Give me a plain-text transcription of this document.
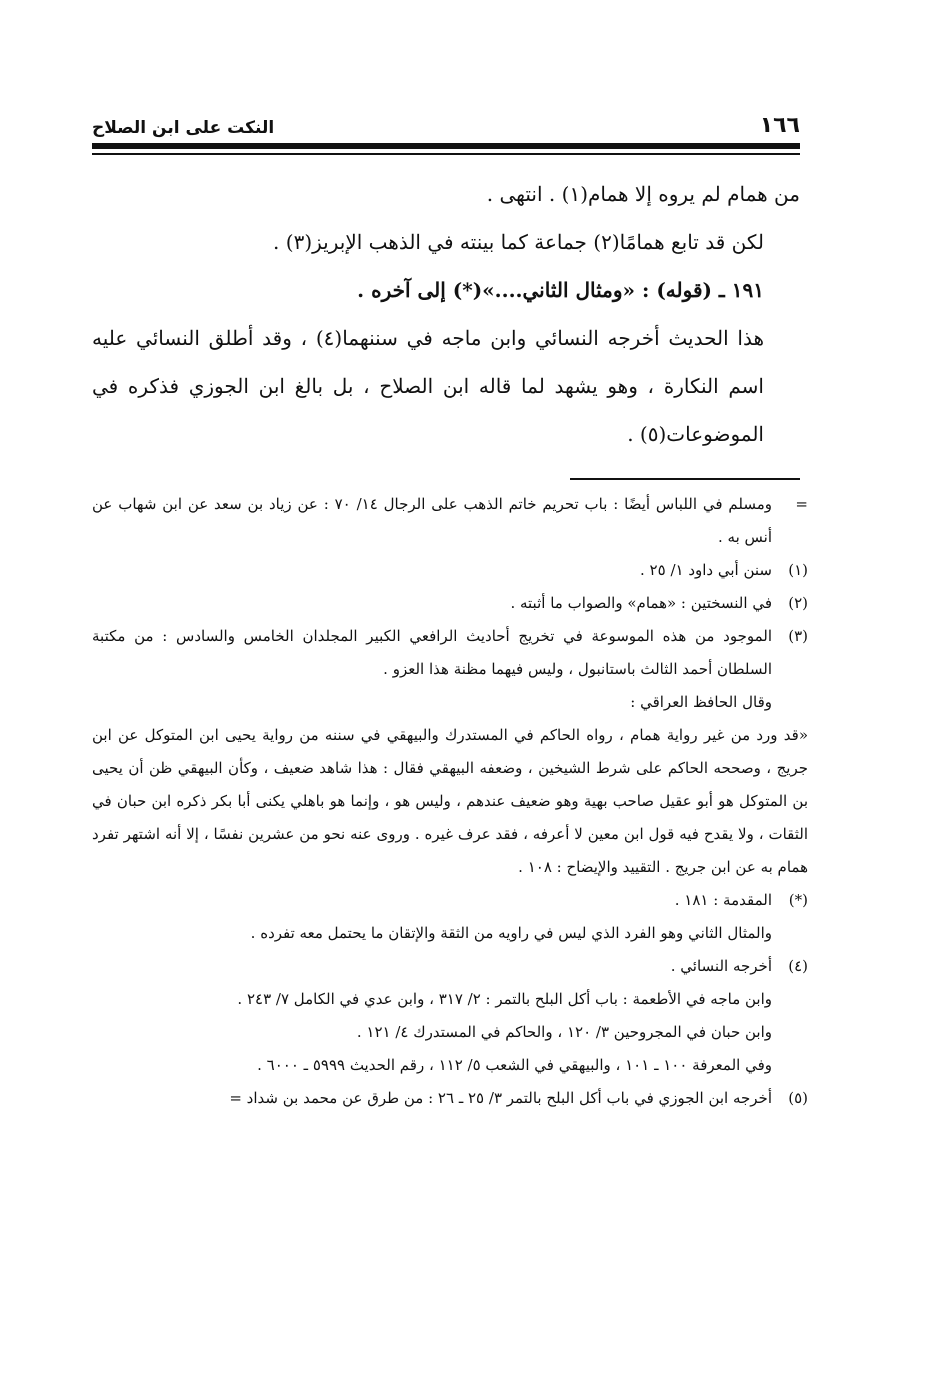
النكت على ابن الصلاح	١٦٦

من همام لم يروه إلا همام(١) . انتهى .

لكن قد تابع همامًا(٢) جماعة كما بينته في الذهب الإبريز(٣) .

١٩١ ـ (قوله) : «ومثال الثاني....»(*) إلى آخره .

هذا الحديث أخرجه النسائي وابن ماجه في سننهما(٤) ، وقد أطلق النسائي عليه اسم النكارة ، وهو يشهد لما قاله ابن الصلاح ، بل بالغ ابن الجوزي فذكره في الموضوعات(٥) .

=
ومسلم في اللباس أيضًا : باب تحريم خاتم الذهب على الرجال ١٤/ ٧٠ : عن زياد بن سعد عن ابن شهاب عن أنس به .
(١)
سنن أبي داود ١/ ٢٥ .
(٢)
في النسختين : «همام» والصواب ما أثبته .
(٣)
الموجود من هذه الموسوعة في تخريج أحاديث الرافعي الكبير المجلدان الخامس والسادس : من مكتبة السلطان أحمد الثالث باستانبول ، وليس فيهما مظنة هذا العزو .
وقال الحافظ العراقي :
«قد ورد من غير رواية همام ، رواه الحاكم في المستدرك والبيهقي في سننه من رواية يحيى ابن المتوكل عن ابن جريج ، وصححه الحاكم على شرط الشيخين ، وضعفه البيهقي فقال : هذا شاهد ضعيف ، وكأن البيهقي ظن أن يحيى بن المتوكل هو أبو عقيل صاحب بهية وهو ضعيف عندهم ، وليس هو ، وإنما هو باهلي يكنى أبا بكر ذكره ابن حبان في الثقات ، ولا يقدح فيه قول ابن معين لا أعرفه ، فقد عرف غيره . وروى عنه نحو من عشرين نفسًا ، إلا أنه اشتهر تفرد همام به عن ابن جريج . التقييد والإيضاح : ١٠٨ .
(*)
المقدمة : ١٨١ .
والمثال الثاني وهو الفرد الذي ليس في راويه من الثقة والإتقان ما يحتمل معه تفرده .
(٤)
أخرجه النسائي .
وابن ماجه في الأطعمة : باب أكل البلح بالتمر : ٢/ ٣١٧ ، وابن عدي في الكامل ٧/ ٢٤٣ .
وابن حبان في المجروحين ٣/ ١٢٠ ، والحاكم في المستدرك ٤/ ١٢١ .
وفي المعرفة ١٠٠ ـ ١٠١ ، والبيهقي في الشعب ٥/ ١١٢ ، رقم الحديث ٥٩٩٩ ـ ٦٠٠٠ .
(٥)
أخرجه ابن الجوزي في باب أكل البلح بالتمر ٣/ ٢٥ ـ ٢٦ : من طرق عن محمد بن شداد =
